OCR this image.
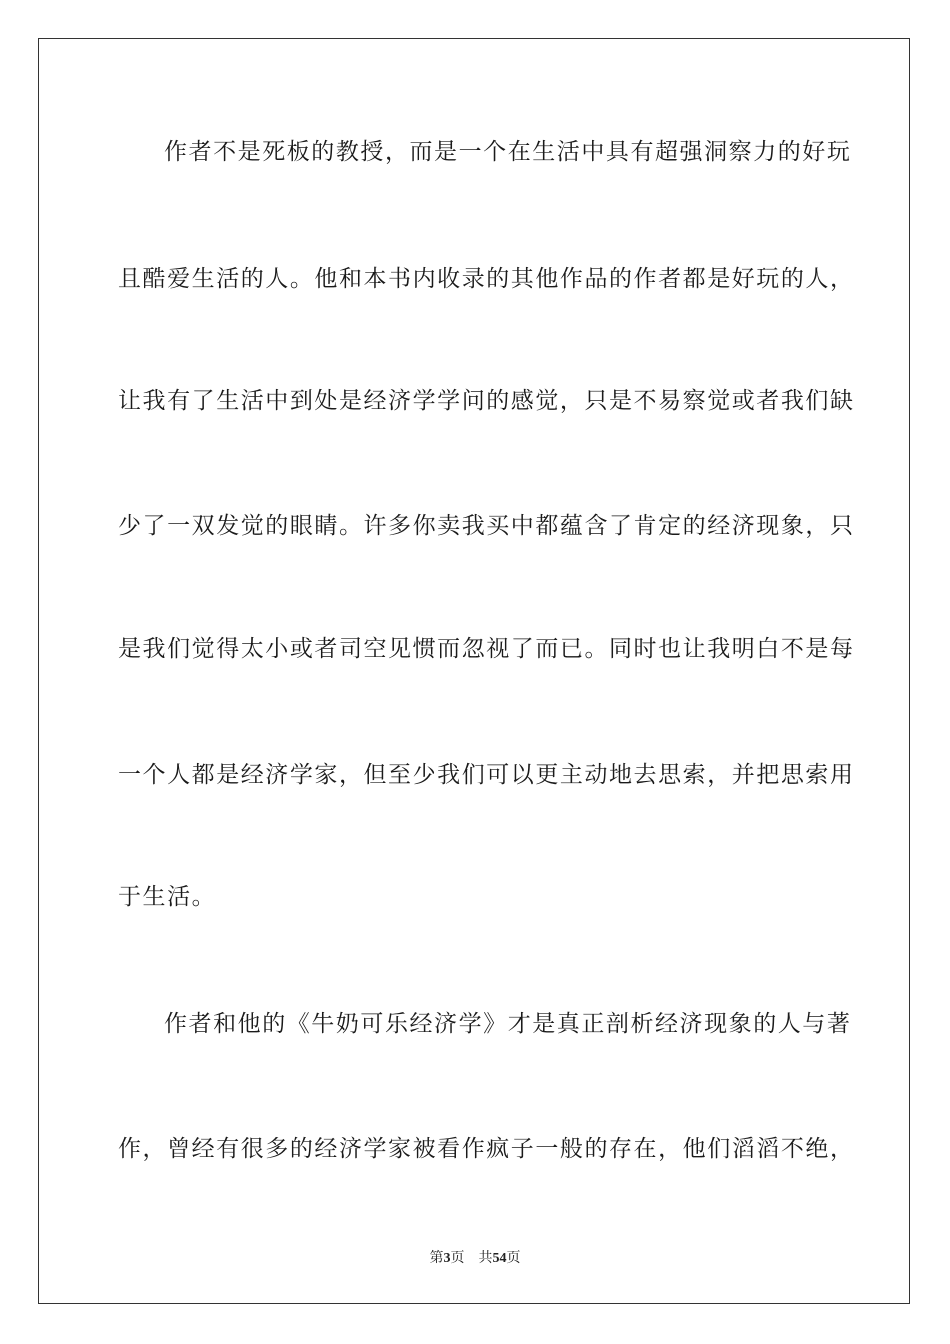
作者不是死板的教授，而是一个在生活中具有超强洞察力的好玩
且酷爱生活的人。他和本书内收录的其他作品的作者都是好玩的人，
让我有了生活中到处是经济学学问的感觉，只是不易察觉或者我们缺
少了一双发觉的眼睛。许多你卖我买中都蕴含了肯定的经济现象，只
是我们觉得太小或者司空见惯而忽视了而已。同时也让我明白不是每
一个人都是经济学家，但至少我们可以更主动地去思索，并把思索用
于生活。
作者和他的《牛奶可乐经济学》才是真正剖析经济现象的人与著
作，曾经有很多的经济学家被看作疯子一般的存在，他们滔滔不绝，
第3页 共54页
